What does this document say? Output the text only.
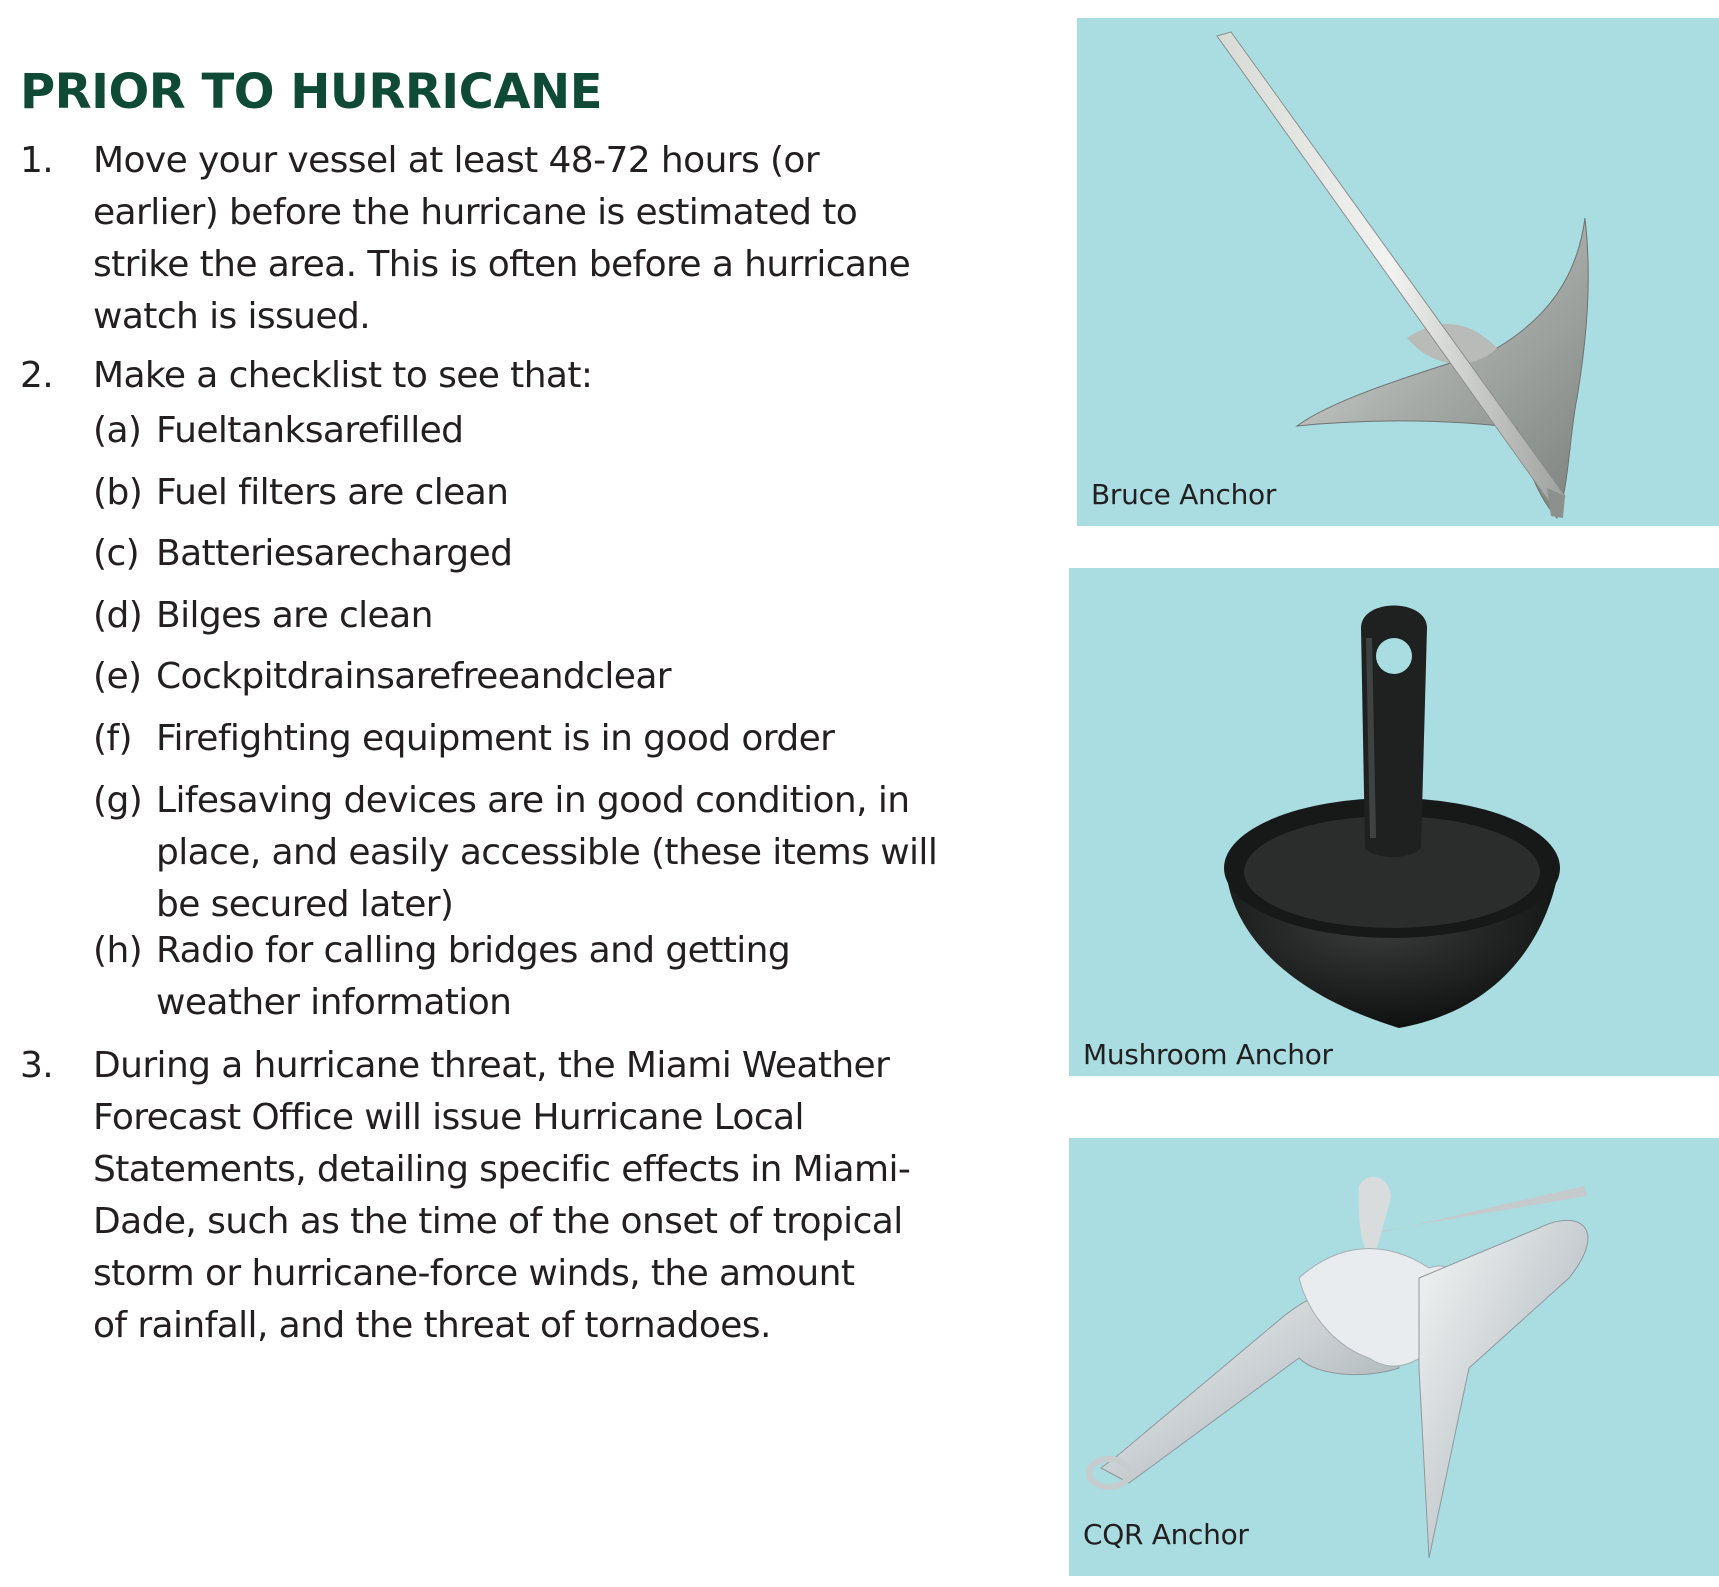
PRIOR TO HURRICANE
1. Move your vessel at least 48-72 hours (or
earlier) before the hurricane is estimated to
strike the area. This is often before a hurricane
watch is issued.
2. Make a checklist to see that:
(a) Fueltanksarefilled
(b) Fuel filters are clean
(c) Batteriesarecharged
(d) Bilges are clean
(e) Cockpitdrainsarefreeandclear
(f) Firefighting equipment is in good order
(g) Lifesaving devices are in good condition, in
place, and easily accessible (these items will
be secured later)
(h) Radio for calling bridges and getting
weather information
3. During a hurricane threat, the Miami Weather
Forecast Office will issue Hurricane Local
Statements, detailing specific effects in Miami-
Dade, such as the time of the onset of tropical
storm or hurricane-force winds, the amount
of rainfall, and the threat of tornadoes.
Bruce Anchor
Mushroom Anchor
CQR Anchor
